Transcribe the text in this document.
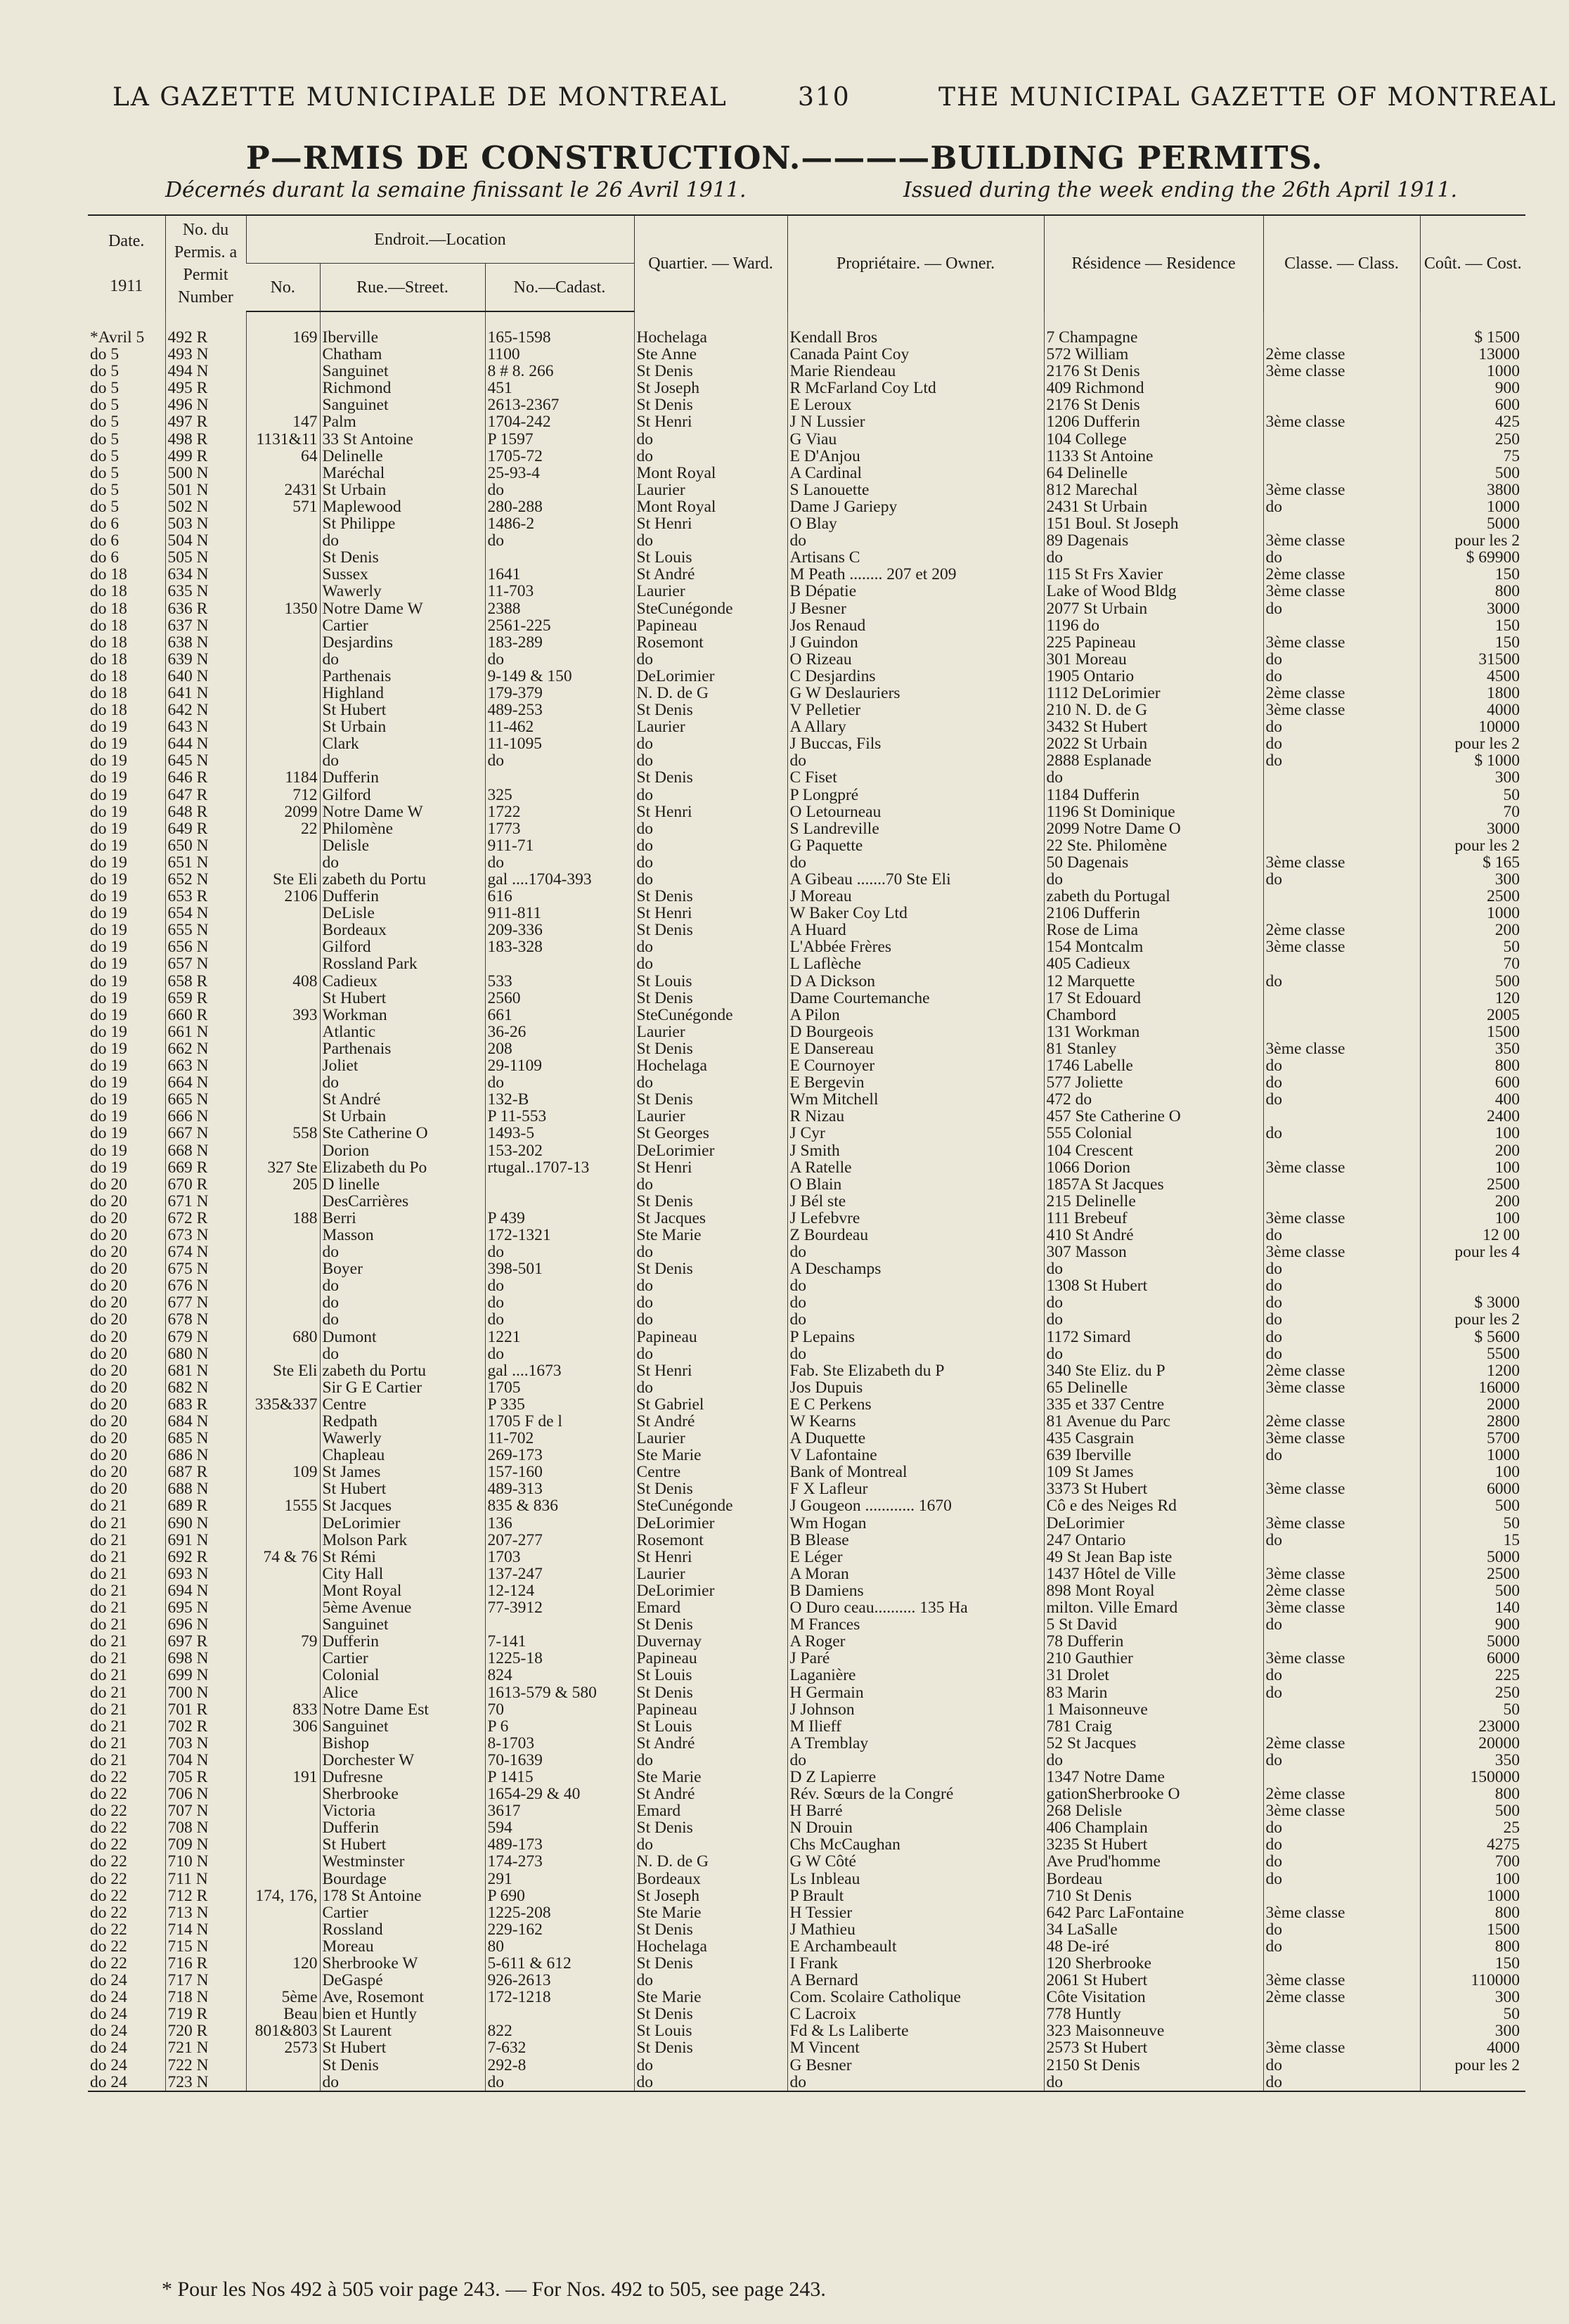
LA GAZETTE MUNICIPALE DE MONTREAL	310	THE MUNICIPAL GAZETTE OF MONTREAL
P—RMIS DE CONSTRUCTION.————BUILDING PERMITS.
Décernés durant la semaine finissant le 26 Avril 1911.	Issued during the week ending the 26th April 1911.
Date.

1911	No. du Permis. a Permit Number	Endroit.—Location			Quartier. — Ward.	Propriétaire. — Owner.	Résidence — Residence	Classe. — Class.	Coût. — Cost.
		No.	Rue.—Street.	No.—Cadast.					

*Avril 5	492 R	169	Iberville	165-1598	Hochelaga	Kendall Bros	7 Champagne		$ 1500
do 5	493 N		Chatham	1100	Ste Anne	Canada Paint Coy	572 William	2ème classe	13000
do 5	494 N		Sanguinet	8 # 8. 266	St Denis	Marie Riendeau	2176 St Denis	3ème classe	1000
do 5	495 R		Richmond	451	St Joseph	R McFarland Coy Ltd	409 Richmond		900
do 5	496 N		Sanguinet	2613-2367	St Denis	E Leroux	2176 St Denis		600
do 5	497 R	147	Palm	1704-242	St Henri	J N Lussier	1206 Dufferin	3ème classe	425
do 5	498 R	1131&11	33 St Antoine	P 1597	do	G Viau	104 College		250
do 5	499 R	64	Delinelle	1705-72	do	E D'Anjou	1133 St Antoine		75
do 5	500 N		Maréchal	25-93-4	Mont Royal	A Cardinal	64 Delinelle		500
do 5	501 N	2431	St Urbain	do	Laurier	S Lanouette	812 Marechal	3ème classe	3800
do 5	502 N	571	Maplewood	280-288	Mont Royal	Dame J Gariepy	2431 St Urbain	do	1000
do 6	503 N		St Philippe	1486-2	St Henri	O Blay	151 Boul. St Joseph		5000
do 6	504 N		do	do	do	do	89 Dagenais	3ème classe	pour les 2
do 6	505 N		St Denis		St Louis	Artisans C	do	do	$ 69900
do 18	634 N		Sussex	1641	St André	M Peath ........ 207 et 209	115 St Frs Xavier	2ème classe	150
do 18	635 N		Wawerly	11-703	Laurier	B Dépatie	Lake of Wood Bldg	3ème classe	800
do 18	636 R	1350	Notre Dame W	2388	SteCunégonde	J Besner	2077 St Urbain	do	3000
do 18	637 N		Cartier	2561-225	Papineau	Jos Renaud	1196 do		150
do 18	638 N		Desjardins	183-289	Rosemont	J Guindon	225 Papineau	3ème classe	150
do 18	639 N		do	do	do	O Rizeau	301 Moreau	do	31500
do 18	640 N		Parthenais	9-149 & 150	DeLorimier	C Desjardins	1905 Ontario	do	4500
do 18	641 N		Highland	179-379	N. D. de G	G W Deslauriers	1112 DeLorimier	2ème classe	1800
do 18	642 N		St Hubert	489-253	St Denis	V Pelletier	210 N. D. de G	3ème classe	4000
do 19	643 N		St Urbain	11-462	Laurier	A Allary	3432 St Hubert	do	10000
do 19	644 N		Clark	11-1095	do	J Buccas, Fils	2022 St Urbain	do	pour les 2
do 19	645 N		do	do	do	do	2888 Esplanade	do	$ 1000
do 19	646 R	1184	Dufferin		St Denis	C Fiset	do		300
do 19	647 R	712	Gilford	325	do	P Longpré	1184 Dufferin		50
do 19	648 R	2099	Notre Dame W	1722	St Henri	O Letourneau	1196 St Dominique		70
do 19	649 R	22	Philomène	1773	do	S Landreville	2099 Notre Dame O		3000
do 19	650 N		Delisle	911-71	do	G Paquette	22 Ste. Philomène		pour les 2
do 19	651 N		do	do	do	do	50 Dagenais	3ème classe	$ 165
do 19	652 N	Ste Eli	zabeth du Portu	gal ....1704-393	do	A Gibeau .......70 Ste Eli	do	do	300
do 19	653 R	2106	Dufferin	616	St Denis	J Moreau	zabeth du Portugal		2500
do 19	654 N		DeLisle	911-811	St Henri	W Baker Coy Ltd	2106 Dufferin		1000
do 19	655 N		Bordeaux	209-336	St Denis	A Huard	Rose de Lima	2ème classe	200
do 19	656 N		Gilford	183-328	do	L'Abbée Frères	154 Montcalm	3ème classe	50
do 19	657 N		Rossland Park		do	L Laflèche	405 Cadieux		70
do 19	658 R	408	Cadieux	533	St Louis	D A Dickson	12 Marquette	do	500
do 19	659 R		St Hubert	2560	St Denis	Dame Courtemanche	17 St Edouard		120
do 19	660 R	393	Workman	661	SteCunégonde	A Pilon	Chambord		2005
do 19	661 N		Atlantic	36-26	Laurier	D Bourgeois	131 Workman		1500
do 19	662 N		Parthenais	208	St Denis	E Dansereau	81 Stanley	3ème classe	350
do 19	663 N		Joliet	29-1109	Hochelaga	E Cournoyer	1746 Labelle	do	800
do 19	664 N		do	do	do	E Bergevin	577 Joliette	do	600
do 19	665 N		St André	132-B	St Denis	Wm Mitchell	472 do	do	400
do 19	666 N		St Urbain	P 11-553	Laurier	R Nizau	457 Ste Catherine O		2400
do 19	667 N	558	Ste Catherine O	1493-5	St Georges	J Cyr	555 Colonial	do	100
do 19	668 N		Dorion	153-202	DeLorimier	J Smith	104 Crescent		200
do 19	669 R	327 Ste	Elizabeth du Po	rtugal..1707-13	St Henri	A Ratelle	1066 Dorion	3ème classe	100
do 20	670 R	205	D linelle		do	O Blain	1857A St Jacques		2500
do 20	671 N		DesCarrières		St Denis	J Bél ste	215 Delinelle		200
do 20	672 R	188	Berri	P 439	St Jacques	J Lefebvre	111 Brebeuf	3ème classe	100
do 20	673 N		Masson	172-1321	Ste Marie	Z Bourdeau	410 St André	do	12 00
do 20	674 N		do	do	do	do	307 Masson	3ème classe	pour les 4
do 20	675 N		Boyer	398-501	St Denis	A Deschamps	do	do	
do 20	676 N		do	do	do	do	1308 St Hubert	do	
do 20	677 N		do	do	do	do	do	do	$ 3000
do 20	678 N		do	do	do	do	do	do	pour les 2
do 20	679 N	680	Dumont	1221	Papineau	P Lepains	1172 Simard	do	$ 5600
do 20	680 N		do	do	do	do	do	do	5500
do 20	681 N	Ste Eli	zabeth du Portu	gal ....1673	St Henri	Fab. Ste Elizabeth du P	340 Ste Eliz. du P	2ème classe	1200
do 20	682 N		Sir G E Cartier	1705	do	Jos Dupuis	65 Delinelle	3ème classe	16000
do 20	683 R	335&337	Centre	P 335	St Gabriel	E C Perkens	335 et 337 Centre		2000
do 20	684 N		Redpath	1705 F de l	St André	W Kearns	81 Avenue du Parc	2ème classe	2800
do 20	685 N		Wawerly	11-702	Laurier	A Duquette	435 Casgrain	3ème classe	5700
do 20	686 N		Chapleau	269-173	Ste Marie	V Lafontaine	639 Iberville	do	1000
do 20	687 R	109	St James	157-160	Centre	Bank of Montreal	109 St James		100
do 20	688 N		St Hubert	489-313	St Denis	F X Lafleur	3373 St Hubert	3ème classe	6000
do 21	689 R	1555	St Jacques	835 & 836	SteCunégonde	J Gougeon ............ 1670	Cô e des Neiges Rd		500
do 21	690 N		DeLorimier	136	DeLorimier	Wm Hogan	DeLorimier	3ème classe	50
do 21	691 N		Molson Park	207-277	Rosemont	B Blease	247 Ontario	do	15
do 21	692 R	74 & 76	St Rémi	1703	St Henri	E Léger	49 St Jean Bap iste		5000
do 21	693 N		City Hall	137-247	Laurier	A Moran	1437 Hôtel de Ville	3ème classe	2500
do 21	694 N		Mont Royal	12-124	DeLorimier	B Damiens	898 Mont Royal	2ème classe	500
do 21	695 N		5ème Avenue	77-3912	Emard	O Duro ceau.......... 135 Ha	milton. Ville Emard	3ème classe	140
do 21	696 N		Sanguinet		St Denis	M Frances	5 St David	do	900
do 21	697 R	79	Dufferin	7-141	Duvernay	A Roger	78 Dufferin		5000
do 21	698 N		Cartier	1225-18	Papineau	J Paré	210 Gauthier	3ème classe	6000
do 21	699 N		Colonial	824	St Louis	Laganière	31 Drolet	do	225
do 21	700 N		Alice	1613-579 & 580	St Denis	H Germain	83 Marin	do	250
do 21	701 R	833	Notre Dame Est	70	Papineau	J Johnson	1 Maisonneuve		50
do 21	702 R	306	Sanguinet	P 6	St Louis	M Ilieff	781 Craig		23000
do 21	703 N		Bishop	8-1703	St André	A Tremblay	52 St Jacques	2ème classe	20000
do 21	704 N		Dorchester W	70-1639	do	do	do	do	350
do 22	705 R	191	Dufresne	P 1415	Ste Marie	D Z Lapierre	1347 Notre Dame		150000
do 22	706 N		Sherbrooke	1654-29 & 40	St André	Rév. Sœurs de la Congré	gationSherbrooke O	2ème classe	800
do 22	707 N		Victoria	3617	Emard	H Barré	268 Delisle	3ème classe	500
do 22	708 N		Dufferin	594	St Denis	N Drouin	406 Champlain	do	25
do 22	709 N		St Hubert	489-173	do	Chs McCaughan	3235 St Hubert	do	4275
do 22	710 N		Westminster	174-273	N. D. de G	G W Côté	Ave Prud'homme	do	700
do 22	711 N		Bourdage	291	Bordeaux	Ls Inbleau	Bordeau	do	100
do 22	712 R	174, 176,	178 St Antoine	P 690	St Joseph	P Brault	710 St Denis		1000
do 22	713 N		Cartier	1225-208	Ste Marie	H Tessier	642 Parc LaFontaine	3ème classe	800
do 22	714 N		Rossland	229-162	St Denis	J Mathieu	34 LaSalle	do	1500
do 22	715 N		Moreau	80	Hochelaga	E Archambeault	48 De-iré	do	800
do 22	716 R	120	Sherbrooke W	5-611 & 612	St Denis	I Frank	120 Sherbrooke		150
do 24	717 N		DeGaspé	926-2613	do	A Bernard	2061 St Hubert	3ème classe	110000
do 24	718 N	5ème	Ave, Rosemont	172-1218	Ste Marie	Com. Scolaire Catholique	Côte Visitation	2ème classe	300
do 24	719 R	Beau	bien et Huntly		St Denis	C Lacroix	778 Huntly		50
do 24	720 R	801&803	St Laurent	822	St Louis	Fd & Ls Laliberte	323 Maisonneuve		300
do 24	721 N	2573	St Hubert	7-632	St Denis	M Vincent	2573 St Hubert	3ème classe	4000
do 24	722 N		St Denis	292-8	do	G Besner	2150 St Denis	do	pour les 2
do 24	723 N		do	do	do	do	do	do	
* Pour les Nos 492 à 505 voir page 243. — For Nos. 492 to 505, see page 243.
